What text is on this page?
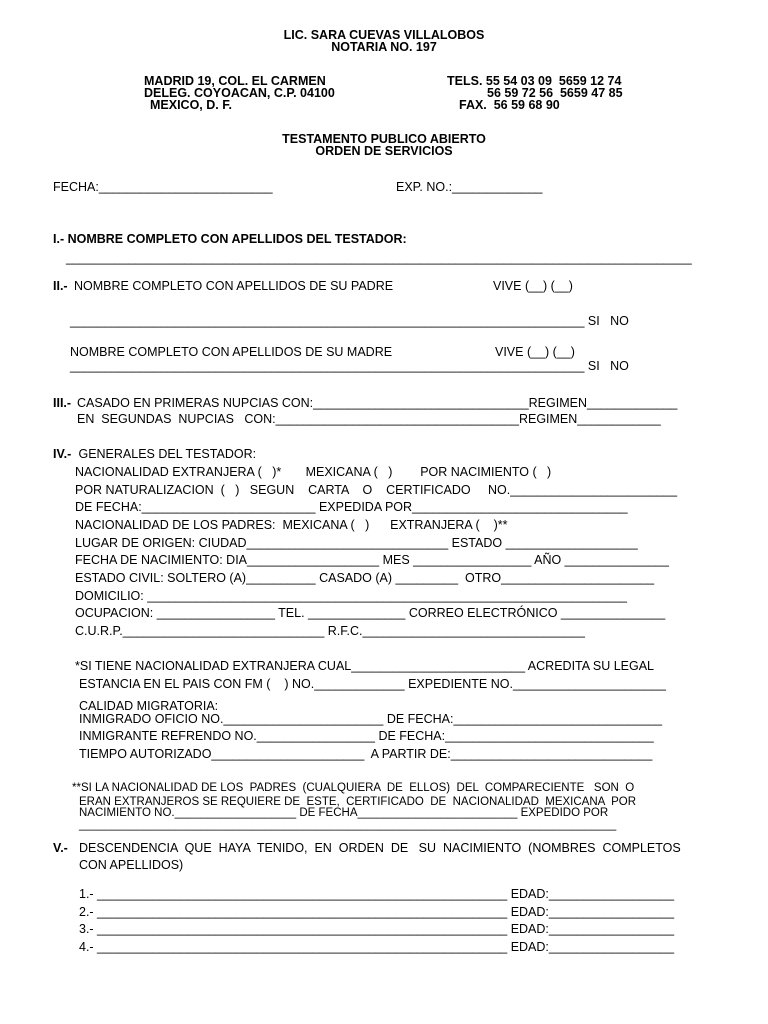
LIC. SARA CUEVAS VILLALOBOS
NOTARIA NO. 197
MADRID 19, COL. EL CARMEN
DELEG. COYOACAN, C.P. 04100
MEXICO, D. F.
TELS. 55 54 03 09  5659 12 74
56 59 72 56  5659 47 85
FAX.  56 59 68 90
TESTAMENTO PUBLICO ABIERTO
ORDEN DE SERVICIOS
FECHA:_________________________	EXP. NO.:_____________
I.- NOMBRE COMPLETO CON APELLIDOS DEL TESTADOR:
__________________________________________________________________________________________
II.- NOMBRE COMPLETO CON APELLIDOS DE SU PADRE	VIVE (__) (__)
__________________________________________________________________________ SI   NO
NOMBRE COMPLETO CON APELLIDOS DE SU MADRE	VIVE (__) (__)
__________________________________________________________________________ SI   NO
III.- CASADO EN PRIMERAS NUPCIAS CON:_______________________________REGIMEN_____________
EN  SEGUNDAS  NUPCIAS   CON:___________________________________REGIMEN____________
IV.- GENERALES DEL TESTADOR:
NACIONALIDAD EXTRANJERA (   )*       MEXICANA (   )        POR NACIMIENTO (   )
POR NATURALIZACION  (   )   SEGUN    CARTA    O    CERTIFICADO     NO.________________________
DE FECHA:_________________________ EXPEDIDA POR_______________________________
NACIONALIDAD DE LOS PADRES:  MEXICANA (   )      EXTRANJERA (    )**
LUGAR DE ORIGEN: CIUDAD_____________________________ ESTADO ___________________
FECHA DE NACIMIENTO: DIA___________________ MES _________________ AÑO _______________
ESTADO CIVIL: SOLTERO (A)__________ CASADO (A) _________  OTRO______________________
DOMICILIO: _____________________________________________________________________
OCUPACION: _________________ TEL. ______________ CORREO ELECTRÓNICO _______________
C.U.R.P._____________________________ R.F.C.________________________________
*SI TIENE NACIONALIDAD EXTRANJERA CUAL_________________________ ACREDITA SU LEGAL
ESTANCIA EN EL PAIS CON FM (    ) NO._____________ EXPEDIENTE NO.______________________
CALIDAD MIGRATORIA:
INMIGRADO OFICIO NO._______________________ DE FECHA:______________________________
INMIGRANTE REFRENDO NO._________________ DE FECHA:______________________________
TIEMPO AUTORIZADO______________________  A PARTIR DE:_____________________________
**SI LA NACIONALIDAD DE LOS  PADRES  (CUALQUIERA  DE  ELLOS)  DEL  COMPARECIENTE   SON  O
ERAN EXTRANJEROS SE REQUIERE DE  ESTE,  CERTIFICADO  DE  NACIONALIDAD  MEXICANA  POR
NACIMIENTO NO.___________________ DE FECHA_________________________ EXPEDIDO POR
____________________________________________________________________________________
V.- DESCENDENCIA  QUE  HAYA  TENIDO,  EN  ORDEN  DE   SU  NACIMIENTO  (NOMBRES  COMPLETOS
CON APELLIDOS)
1.- ___________________________________________________________ EDAD:__________________
2.- ___________________________________________________________ EDAD:__________________
3.- ___________________________________________________________ EDAD:__________________
4.- ___________________________________________________________ EDAD:__________________
